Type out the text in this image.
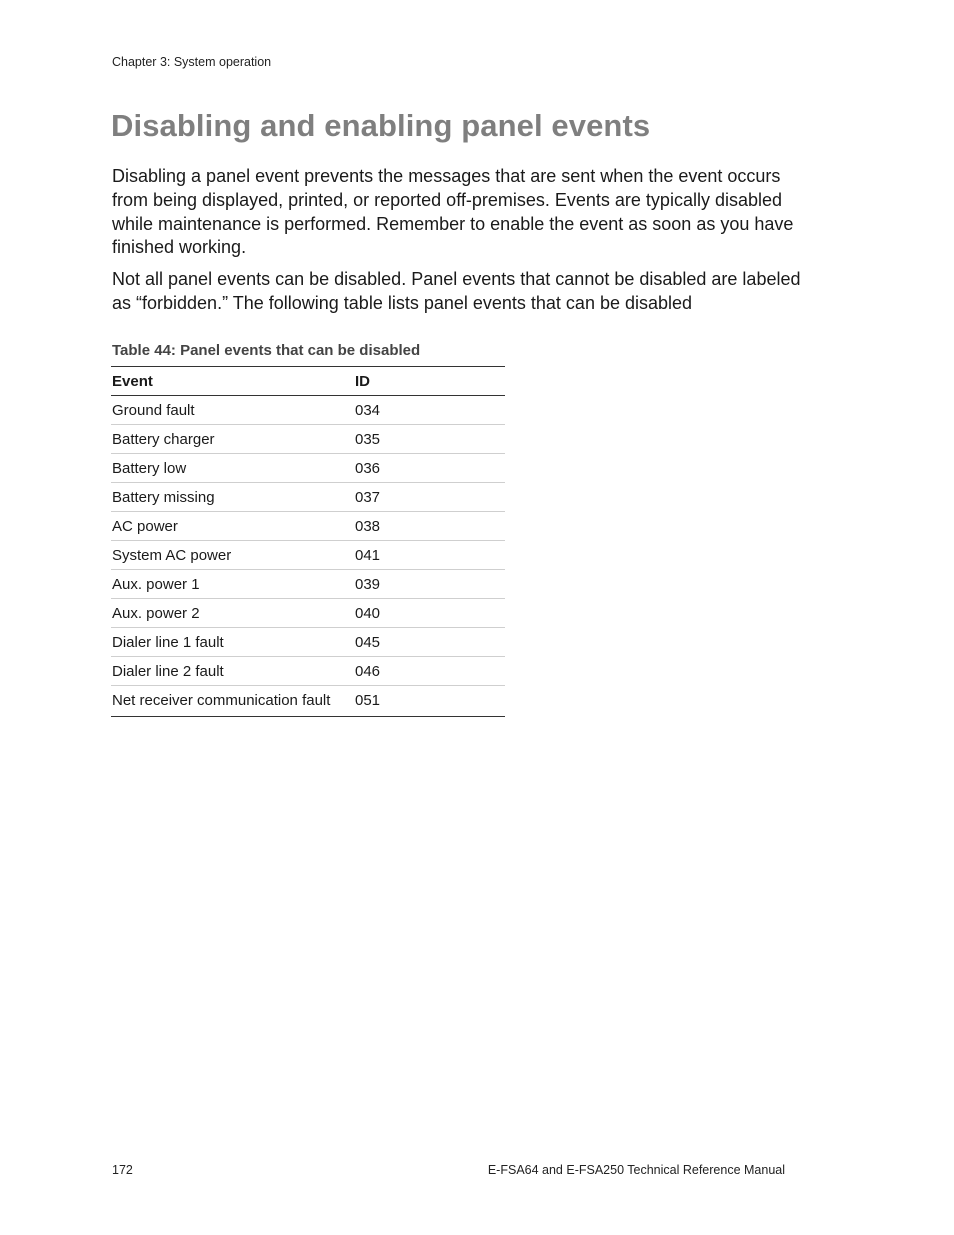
Chapter 3: System operation
Disabling and enabling panel events

Disabling a panel event prevents the messages that are sent when the event occurs from being displayed, printed, or reported off-premises. Events are typically disabled while maintenance is performed. Remember to enable the event as soon as you have finished working.

Not all panel events can be disabled. Panel events that cannot be disabled are labeled as “forbidden.” The following table lists panel events that can be disabled

Table 44: Panel events that can be disabled
Event	ID
Ground fault	034
Battery charger	035
Battery low	036
Battery missing	037
AC power	038
System AC power	041
Aux. power 1	039
Aux. power 2	040
Dialer line 1 fault	045
Dialer line 2 fault	046
Net receiver communication fault	051
172	E-FSA64 and E-FSA250 Technical Reference Manual
